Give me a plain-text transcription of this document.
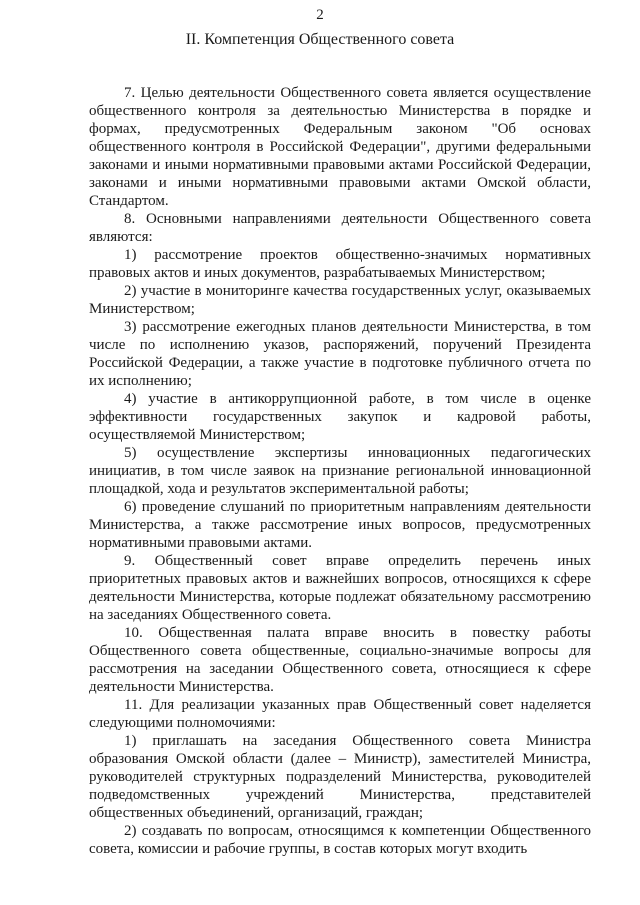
2
II. Компетенция Общественного совета

7. Целью деятельности Общественного совета является осуществление общественного контроля за деятельностью Министерства в порядке и формах, предусмотренных Федеральным законом "Об основах общественного контроля в Российской Федерации", другими федеральными законами и иными нормативными правовыми актами Российской Федерации, законами и иными нормативными правовыми актами Омской области, Стандартом.

8. Основными направлениями деятельности Общественного совета являются:

1) рассмотрение проектов общественно-значимых нормативных правовых актов и иных документов, разрабатываемых Министерством;

2) участие в мониторинге качества государственных услуг, оказываемых Министерством;

3) рассмотрение ежегодных планов деятельности Министерства, в том числе по исполнению указов, распоряжений, поручений Президента Российской Федерации, а также участие в подготовке публичного отчета по их исполнению;

4) участие в антикоррупционной работе, в том числе в оценке эффективности государственных закупок и кадровой работы, осуществляемой Министерством;

5) осуществление экспертизы инновационных педагогических инициатив, в том числе заявок на признание региональной инновационной площадкой, хода и результатов экспериментальной работы;

6) проведение слушаний по приоритетным направлениям деятельности Министерства, а также рассмотрение иных вопросов, предусмотренных нормативными правовыми актами.

9. Общественный совет вправе определить перечень иных приоритетных правовых актов и важнейших вопросов, относящихся к сфере деятельности Министерства, которые подлежат обязательному рассмотрению на заседаниях Общественного совета.

10. Общественная палата вправе вносить в повестку работы Общественного совета общественные, социально-значимые вопросы для рассмотрения на заседании Общественного совета, относящиеся к сфере деятельности Министерства.

11. Для реализации указанных прав Общественный совет наделяется следующими полномочиями:

1) приглашать на заседания Общественного совета Министра образования Омской области (далее – Министр), заместителей Министра, руководителей структурных подразделений Министерства, руководителей подведомственных учреждений Министерства, представителей общественных объединений, организаций, граждан;

2) создавать по вопросам, относящимся к компетенции Общественного совета, комиссии и рабочие группы, в состав которых могут входить
